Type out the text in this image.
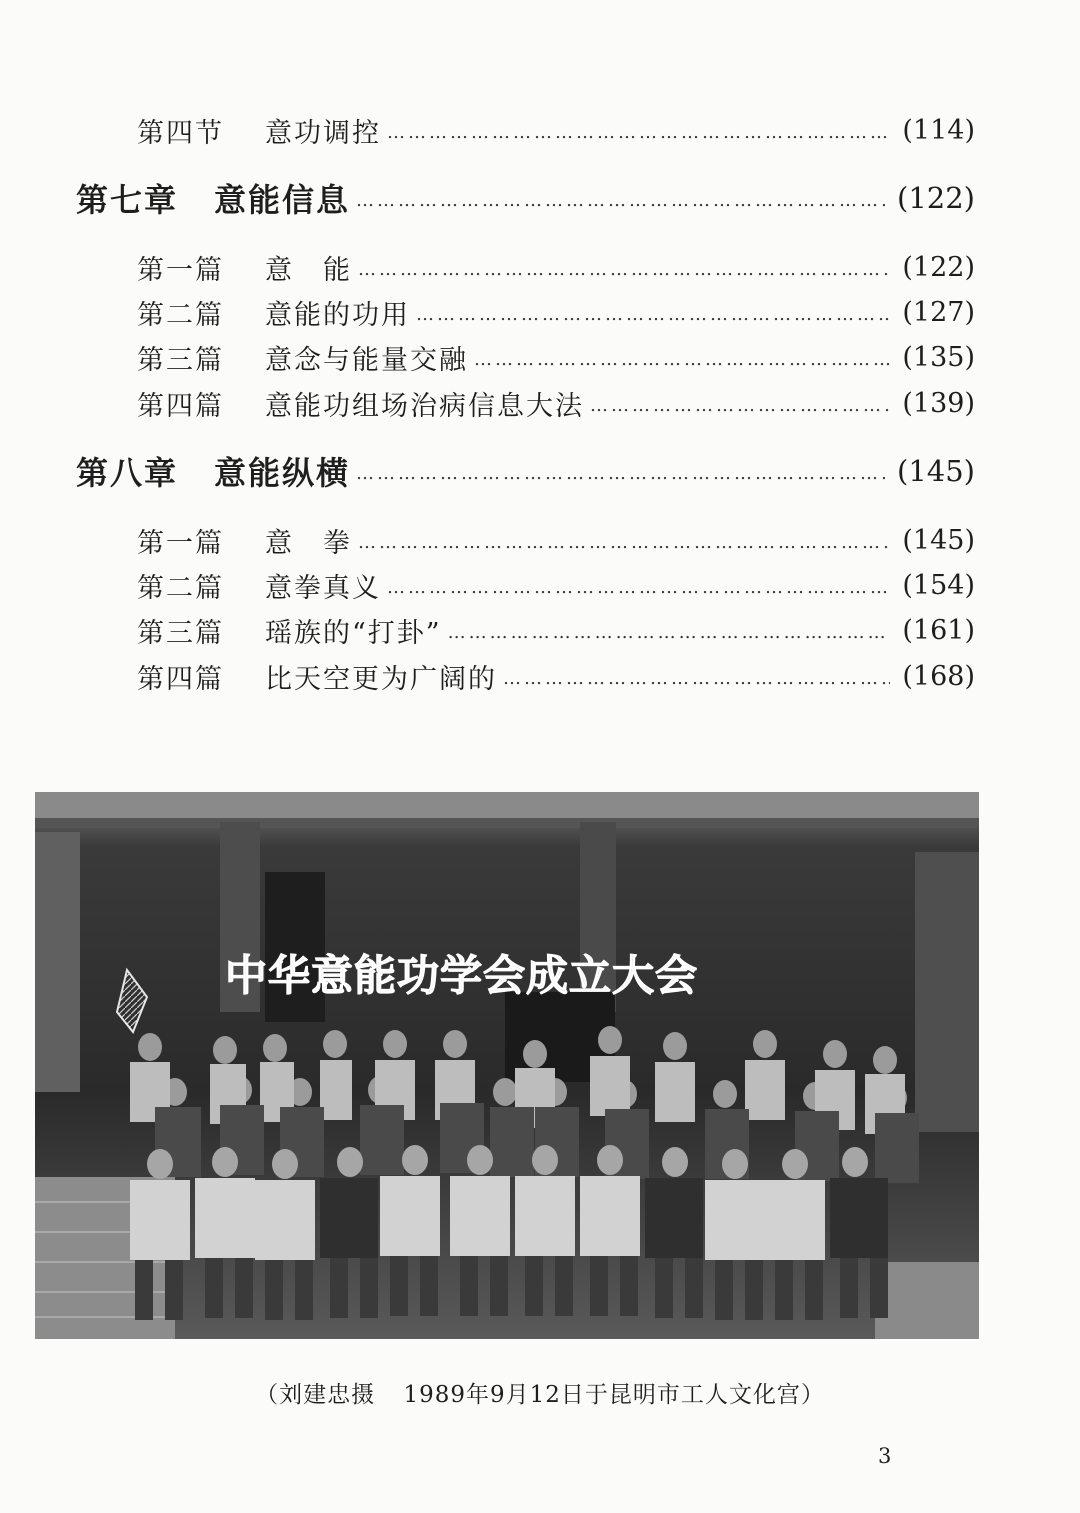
第四节	意功调控 …………………………………………………………………………………………………………………………………………………	(114)
第七章	意能信息 …………………………………………………………………………………………………………………………………………………	(122)
第一篇	意　能 …………………………………………………………………………………………………………………………………………………	(122)
第二篇	意能的功用 …………………………………………………………………………………………………………………………………………………	(127)
第三篇	意念与能量交融 …………………………………………………………………………………………………………………………………………………	(135)
第四篇	意能功组场治病信息大法 …………………………………………………………………………………………………………………………………………………	(139)
第八章	意能纵横 …………………………………………………………………………………………………………………………………………………	(145)
第一篇	意　拳 …………………………………………………………………………………………………………………………………………………	(145)
第二篇	意拳真义 …………………………………………………………………………………………………………………………………………………	(154)
第三篇	瑶族的“打卦” …………………………………………………………………………………………………………………………………………………	(161)
第四篇	比天空更为广阔的 …………………………………………………………………………………………………………………………………………………	(168)
中华意能功学会成立大会
（刘建忠摄 1989年9月12日于昆明市工人文化宫）
3
